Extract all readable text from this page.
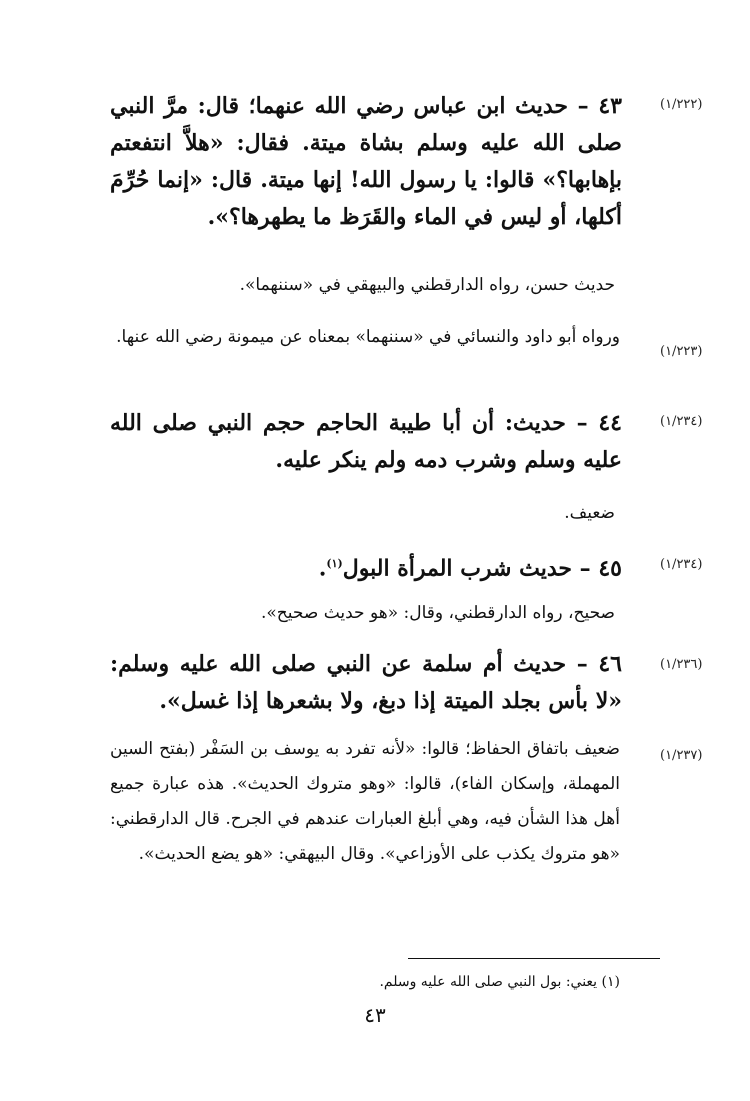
(١/٢٢٢)
٤٣ – حديث ابن عباس رضي الله عنهما؛ قال: مرَّ النبي صلى الله عليه وسلم بشاة ميتة. فقال: «هلاَّ انتفعتم بإهابها؟» قالوا: يا رسول الله! إنها ميتة. قال: «إنما حُرِّمَ أكلها، أو ليس في الماء والقَرَظ ما يطهرها؟».
حديث حسن، رواه الدارقطني والبيهقي في «سننهما».
(١/٢٢٣)
ورواه أبو داود والنسائي في «سننهما» بمعناه عن ميمونة رضي الله عنها.
(١/٢٣٤)
٤٤ – حديث: أن أبا طيبة الحاجم حجم النبي صلى الله عليه وسلم وشرب دمه ولم ينكر عليه.
ضعيف.
(١/٢٣٤)
٤٥ – حديث شرب المرأة البول$^{(١)}$.
صحيح، رواه الدارقطني، وقال: «هو حديث صحيح».
(١/٢٣٦)
٤٦ – حديث أم سلمة عن النبي صلى الله عليه وسلم: «لا بأس بجلد الميتة إذا دبغ، ولا بشعرها إذا غسل».
(١/٢٣٧)
ضعيف باتفاق الحفاظ؛ قالوا: «لأنه تفرد به يوسف بن السَفْر (بفتح السين المهملة، وإسكان الفاء)، قالوا: «وهو متروك الحديث». هذه عبارة جميع أهل هذا الشأن فيه، وهي أبلغ العبارات عندهم في الجرح. قال الدارقطني: «هو متروك يكذب على الأوزاعي». وقال البيهقي: «هو يضع الحديث».
(١) يعني: بول النبي صلى الله عليه وسلم.
٤٣
